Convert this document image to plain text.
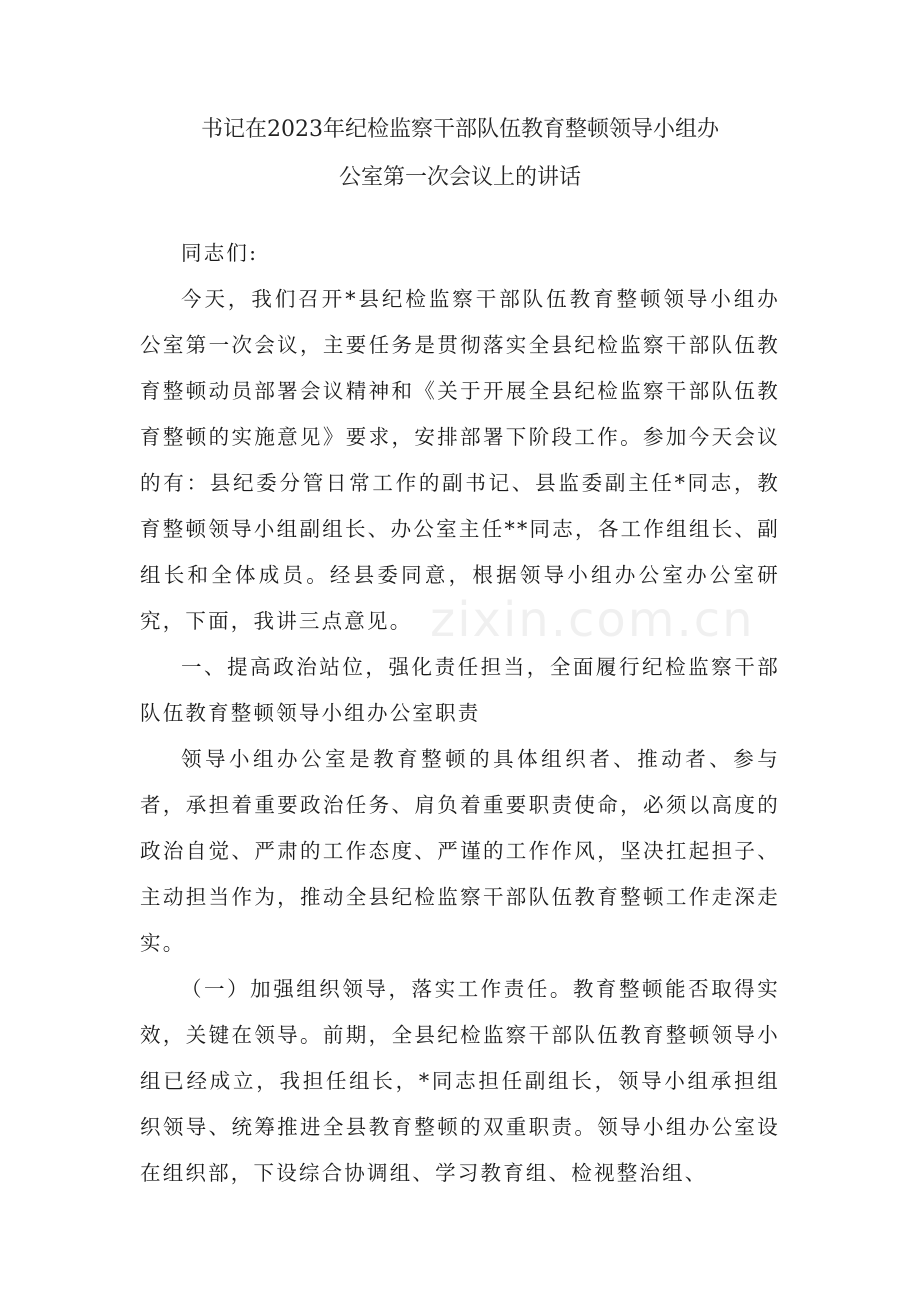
书记在2023年纪检监察干部队伍教育整顿领导小组办
公室第一次会议上的讲话

同志们:

今天，我们召开*县纪检监察干部队伍教育整顿领导小组办公室第一次会议，主要任务是贯彻落实全县纪检监察干部队伍教育整顿动员部署会议精神和《关于开展全县纪检监察干部队伍教育整顿的实施意见》要求，安排部署下阶段工作。参加今天会议的有：县纪委分管日常工作的副书记、县监委副主任*同志，教育整顿领导小组副组长、办公室主任**同志，各工作组组长、副组长和全体成员。经县委同意，根据领导小组办公室办公室研究，下面，我讲三点意见。

一、提高政治站位，强化责任担当，全面履行纪检监察干部队伍教育整顿领导小组办公室职责

领导小组办公室是教育整顿的具体组织者、推动者、参与者，承担着重要政治任务、肩负着重要职责使命，必须以高度的政治自觉、严肃的工作态度、严谨的工作作风，坚决扛起担子、主动担当作为，推动全县纪检监察干部队伍教育整顿工作走深走实。

（一）加强组织领导，落实工作责任。教育整顿能否取得实效，关键在领导。前期，全县纪检监察干部队伍教育整顿领导小组已经成立，我担任组长，*同志担任副组长，领导小组承担组织领导、统筹推进全县教育整顿的双重职责。领导小组办公室设在组织部，下设综合协调组、学习教育组、检视整治组、

zixin.com.cn
